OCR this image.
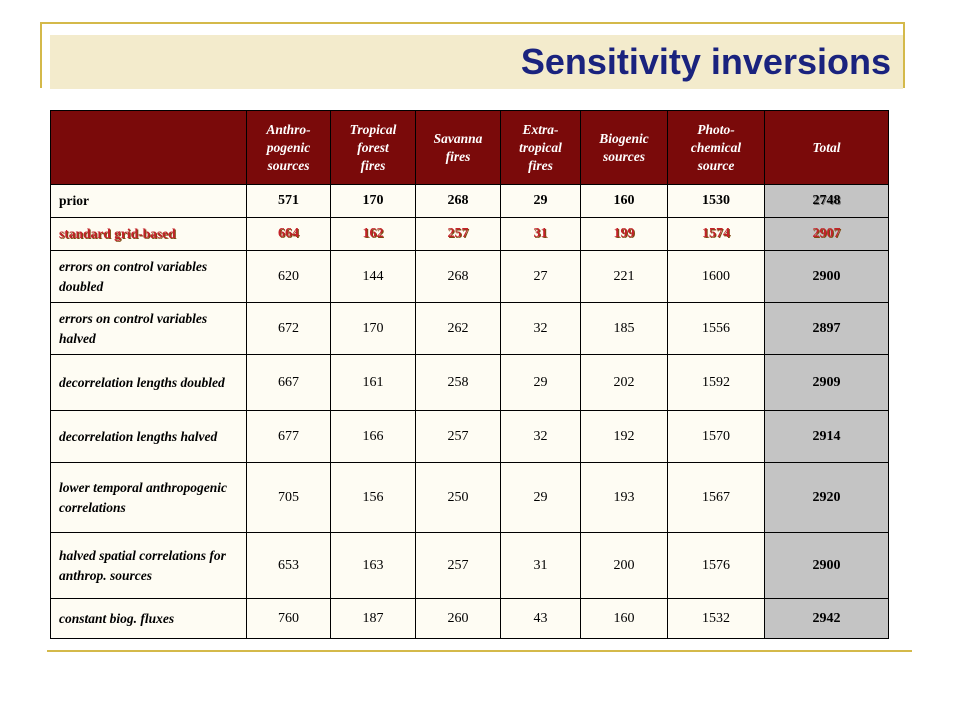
Sensitivity inversions
	Anthro-
pogenic
sources	Tropical
forest
fires	Savanna
fires	Extra-
tropical
fires	Biogenic
sources	Photo-
chemical
source	Total
prior	571	170	268	29	160	1530	2748
standard grid-based	664	162	257	31	199	1574	2907
errors on control variables doubled	620	144	268	27	221	1600	2900
errors on control variables halved	672	170	262	32	185	1556	2897
decorrelation lengths doubled	667	161	258	29	202	1592	2909
decorrelation lengths halved	677	166	257	32	192	1570	2914
lower temporal anthropogenic correlations	705	156	250	29	193	1567	2920
halved spatial correlations for anthrop. sources	653	163	257	31	200	1576	2900
constant biog. fluxes	760	187	260	43	160	1532	2942
